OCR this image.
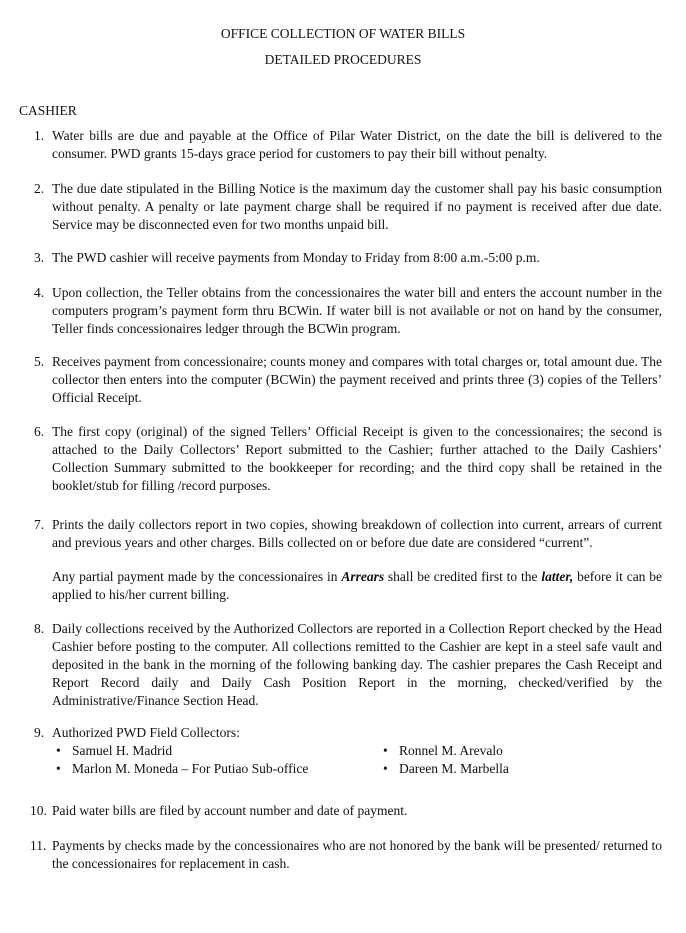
OFFICE COLLECTION OF WATER BILLS
DETAILED PROCEDURES
CASHIER
1. Water bills are due and payable at the Office of Pilar Water District, on the date the bill is delivered to the consumer. PWD grants 15-days grace period for customers to pay their bill without penalty.

2. The due date stipulated in the Billing Notice is the maximum day the customer shall pay his basic consumption without penalty. A penalty or late payment charge shall be required if no payment is received after due date. Service may be disconnected even for two months unpaid bill.

3. The PWD cashier will receive payments from Monday to Friday from 8:00 a.m.-5:00 p.m.

4. Upon collection, the Teller obtains from the concessionaires the water bill and enters the account number in the computers program’s payment form thru BCWin. If water bill is not available or not on hand by the consumer, Teller finds concessionaires ledger through the BCWin program.

5. Receives payment from concessionaire; counts money and compares with total charges or, total amount due. The collector then enters into the computer (BCWin) the payment received and prints three (3) copies of the Tellers’ Official Receipt.

6. The first copy (original) of the signed Tellers’ Official Receipt is given to the concessionaires; the second is attached to the Daily Collectors’ Report submitted to the Cashier; further attached to the Daily Cashiers’ Collection Summary submitted to the bookkeeper for recording; and the third copy shall be retained in the booklet/stub for filling /record purposes.

7. Prints the daily collectors report in two copies, showing breakdown of collection into current, arrears of current and previous years and other charges. Bills collected on or before due date are considered “current”.

Any partial payment made by the concessionaires in Arrears shall be credited first to the latter, before it can be applied to his/her current billing.

8. Daily collections received by the Authorized Collectors are reported in a Collection Report checked by the Head Cashier before posting to the computer. All collections remitted to the Cashier are kept in a steel safe vault and deposited in the bank in the morning of the following banking day. The cashier prepares the Cash Receipt and Report Record daily and Daily Cash Position Report in the morning, checked/verified by the Administrative/Finance Section Head.

9. Authorized PWD Field Collectors:

• Samuel H. Madrid
• Marlon M. Moneda – For Putiao Sub-office
• Ronnel M. Arevalo
• Dareen M. Marbella
10. Paid water bills are filed by account number and date of payment.

11. Payments by checks made by the concessionaires who are not honored by the bank will be presented/ returned to the concessionaires for replacement in cash.
